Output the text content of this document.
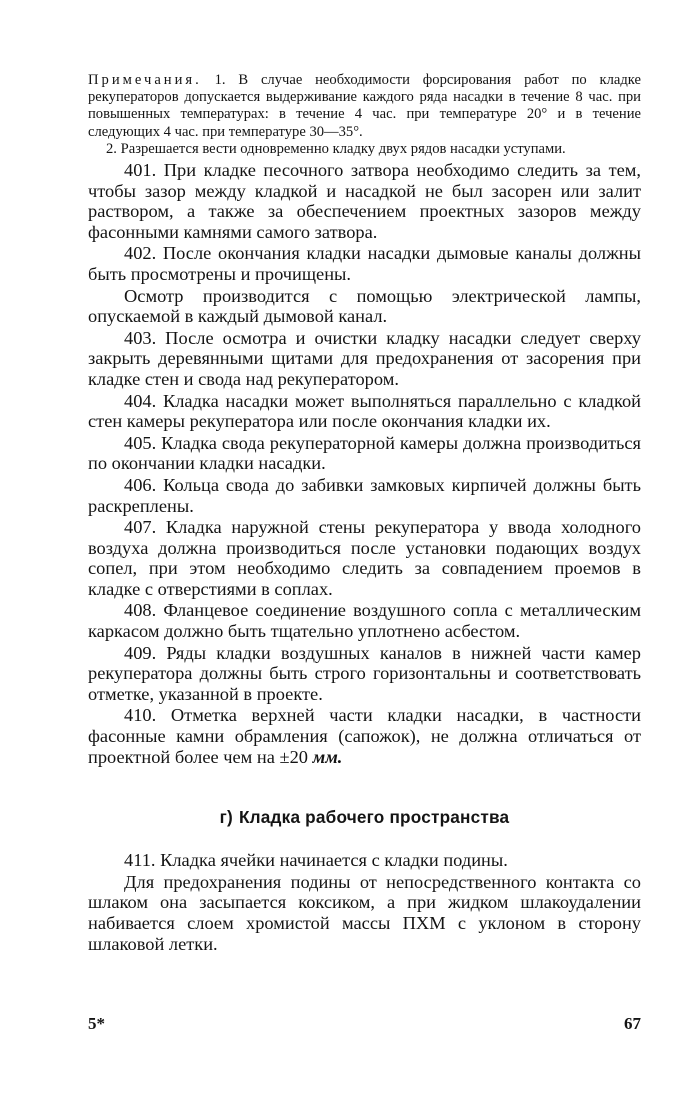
Примечания. 1. В случае необходимости форсирования работ по кладке рекуператоров допускается выдерживание каждого ряда насадки в течение 8 час. при повышенных температурах: в течение 4 час. при температуре 20° и в течение следующих 4 час. при температуре 30—35°.

2. Разрешается вести одновременно кладку двух рядов насадки уступами.

401. При кладке песочного затвора необходимо следить за тем, чтобы зазор между кладкой и насадкой не был засорен или залит раствором, а также за обеспечением проектных зазоров между фасонными камнями самого затвора.

402. После окончания кладки насадки дымовые каналы должны быть просмотрены и прочищены.

Осмотр производится с помощью электрической лампы, опускаемой в каждый дымовой канал.

403. После осмотра и очистки кладку насадки следует сверху закрыть деревянными щитами для предохранения от засорения при кладке стен и свода над рекуператором.

404. Кладка насадки может выполняться параллельно с кладкой стен камеры рекуператора или после окончания кладки их.

405. Кладка свода рекуператорной камеры должна производиться по окончании кладки насадки.

406. Кольца свода до забивки замковых кирпичей должны быть раскреплены.

407. Кладка наружной стены рекуператора у ввода холодного воздуха должна производиться после установки подающих воздух сопел, при этом необходимо следить за совпадением проемов в кладке с отверстиями в соплах.

408. Фланцевое соединение воздушного сопла с металлическим каркасом должно быть тщательно уплотнено асбестом.

409. Ряды кладки воздушных каналов в нижней части камер рекуператора должны быть строго горизонтальны и соответствовать отметке, указанной в проекте.

410. Отметка верхней части кладки насадки, в частности фасонные камни обрамления (сапожок), не должна отличаться от проектной более чем на ±20 мм.

г) Кладка рабочего пространства

411. Кладка ячейки начинается с кладки подины.

Для предохранения подины от непосредственного контакта со шлаком она засыпается коксиком, а при жидком шлакоудалении набивается слоем хромистой массы ПХМ с уклоном в сторону шлаковой летки.

5*	67
